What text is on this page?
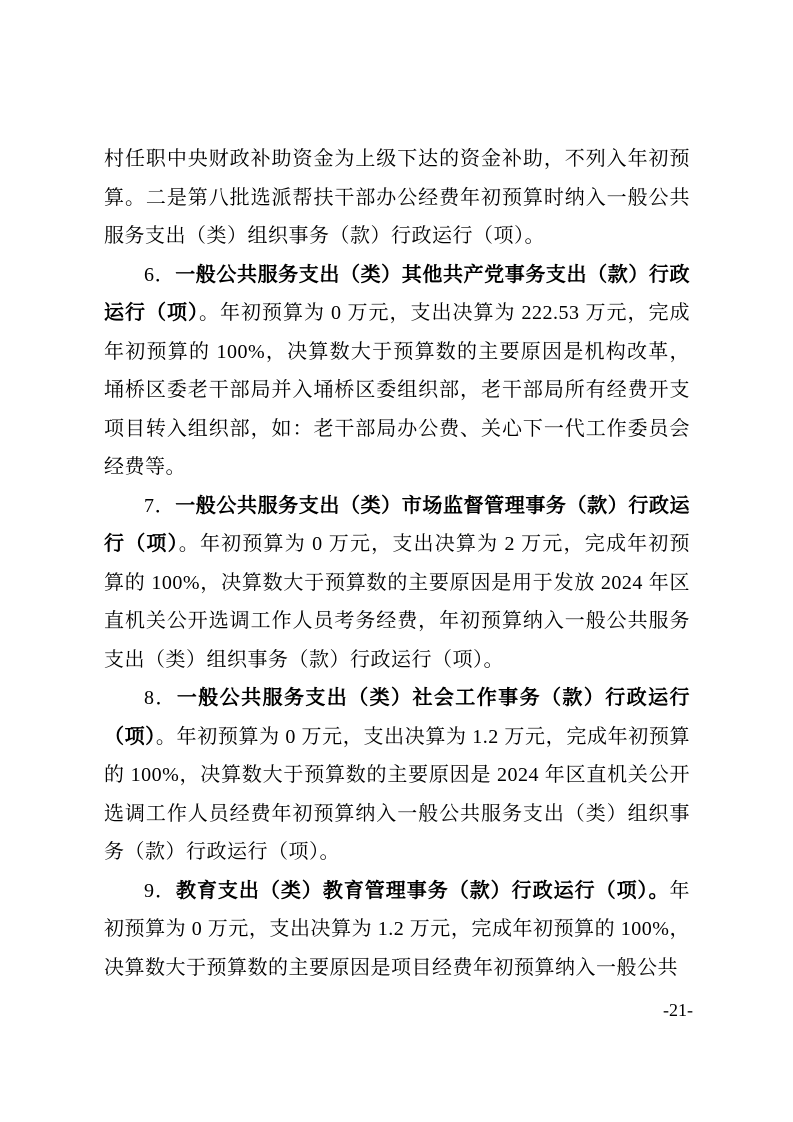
村任职中央财政补助资金为上级下达的资金补助，不列入年初预算。二是第八批选派帮扶干部办公经费年初预算时纳入一般公共服务支出（类）组织事务（款）行政运行（项）。

6．一般公共服务支出（类）其他共产党事务支出（款）行政运行（项）。年初预算为 0 万元，支出决算为 222.53 万元，完成年初预算的 100%，决算数大于预算数的主要原因是机构改革，埇桥区委老干部局并入埇桥区委组织部，老干部局所有经费开支项目转入组织部，如：老干部局办公费、关心下一代工作委员会经费等。

7．一般公共服务支出（类）市场监督管理事务（款）行政运行（项）。年初预算为 0 万元，支出决算为 2 万元，完成年初预算的 100%，决算数大于预算数的主要原因是用于发放 2024 年区直机关公开选调工作人员考务经费，年初预算纳入一般公共服务支出（类）组织事务（款）行政运行（项）。

8．一般公共服务支出（类）社会工作事务（款）行政运行（项）。年初预算为 0 万元，支出决算为 1.2 万元，完成年初预算的 100%，决算数大于预算数的主要原因是 2024 年区直机关公开选调工作人员经费年初预算纳入一般公共服务支出（类）组织事务（款）行政运行（项）。

9．教育支出（类）教育管理事务（款）行政运行（项）。年初预算为 0 万元，支出决算为 1.2 万元，完成年初预算的 100%，决算数大于预算数的主要原因是项目经费年初预算纳入一般公共

-21-
